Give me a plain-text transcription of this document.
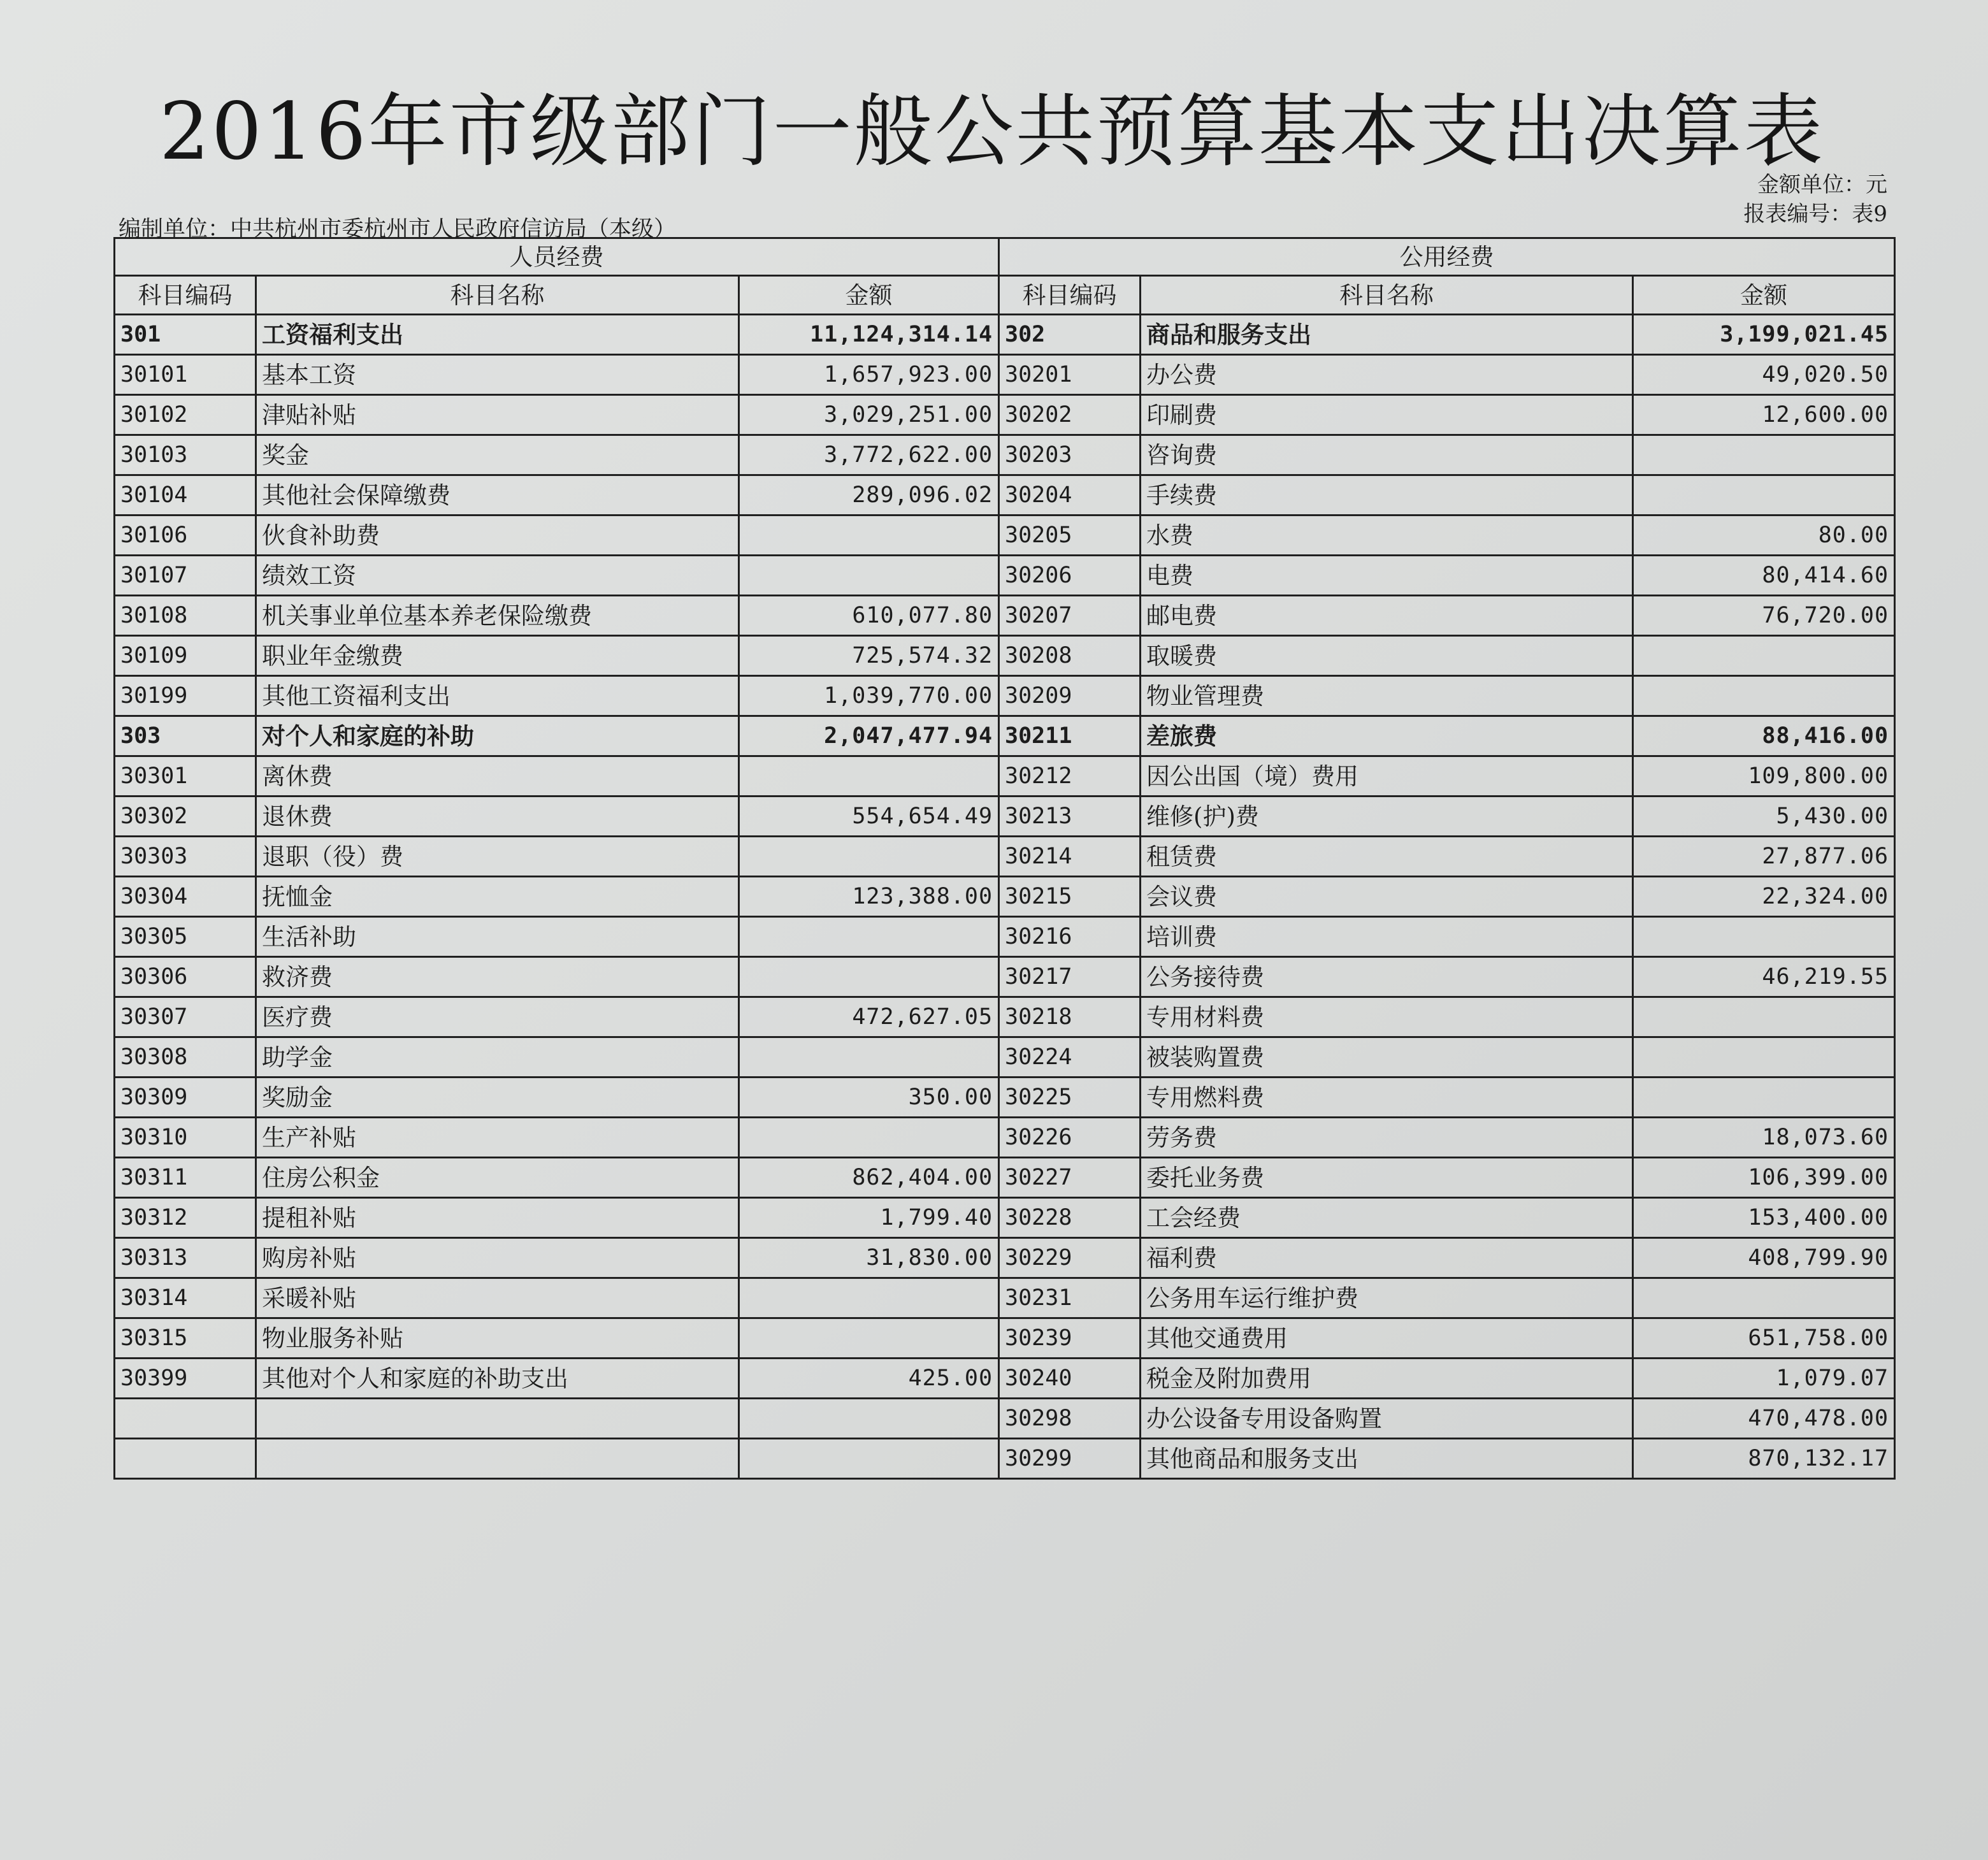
2016年市级部门一般公共预算基本支出决算表
金额单位：元
报表编号：表9
编制单位：中共杭州市委杭州市人民政府信访局（本级）
人员经费			公用经费		
科目编码	科目名称	金额	科目编码	科目名称	金额
301	工资福利支出	11,124,314.14	302	商品和服务支出	3,199,021.45
30101	基本工资	1,657,923.00	30201	办公费	49,020.50
30102	津贴补贴	3,029,251.00	30202	印刷费	12,600.00
30103	奖金	3,772,622.00	30203	咨询费	
30104	其他社会保障缴费	289,096.02	30204	手续费	
30106	伙食补助费		30205	水费	80.00
30107	绩效工资		30206	电费	80,414.60
30108	机关事业单位基本养老保险缴费	610,077.80	30207	邮电费	76,720.00
30109	职业年金缴费	725,574.32	30208	取暖费	
30199	其他工资福利支出	1,039,770.00	30209	物业管理费	
303	对个人和家庭的补助	2,047,477.94	30211	差旅费	88,416.00
30301	离休费		30212	因公出国（境）费用	109,800.00
30302	退休费	554,654.49	30213	维修(护)费	5,430.00
30303	退职（役）费		30214	租赁费	27,877.06
30304	抚恤金	123,388.00	30215	会议费	22,324.00
30305	生活补助		30216	培训费	
30306	救济费		30217	公务接待费	46,219.55
30307	医疗费	472,627.05	30218	专用材料费	
30308	助学金		30224	被装购置费	
30309	奖励金	350.00	30225	专用燃料费	
30310	生产补贴		30226	劳务费	18,073.60
30311	住房公积金	862,404.00	30227	委托业务费	106,399.00
30312	提租补贴	1,799.40	30228	工会经费	153,400.00
30313	购房补贴	31,830.00	30229	福利费	408,799.90
30314	采暖补贴		30231	公务用车运行维护费	
30315	物业服务补贴		30239	其他交通费用	651,758.00
30399	其他对个人和家庭的补助支出	425.00	30240	税金及附加费用	1,079.07
			30298	办公设备专用设备购置	470,478.00
			30299	其他商品和服务支出	870,132.17
